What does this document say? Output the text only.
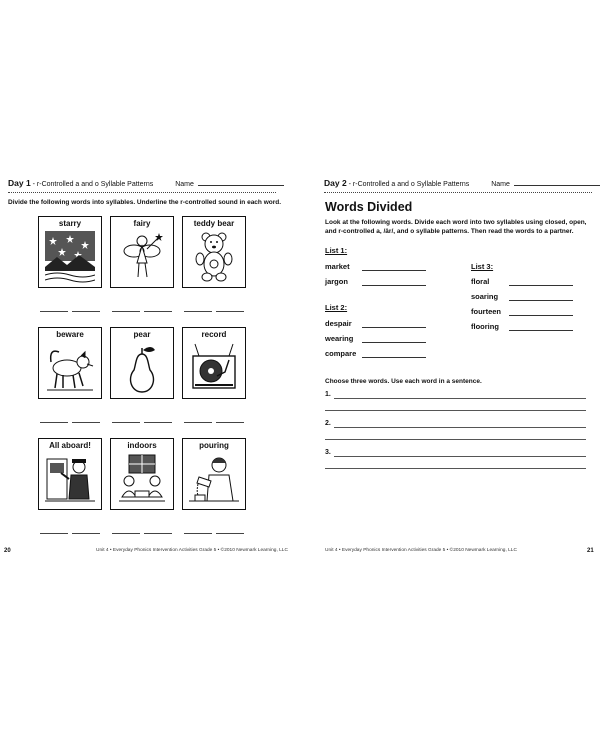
Day 1 - r-Controlled a and o Syllable Patterns	Name
Divide the following words into syllables. Underline the r-controlled sound in each word.
starry	fairy	teddy bear
beware	pear	record
All aboard!	indoors	pouring
20	Unit 4 • Everyday Phonics Intervention Activities Grade 5 • ©2010 Newmark Learning, LLC
Day 2 - r-Controlled a and o Syllable Patterns	Name
Words Divided
Look at the following words. Divide each word into two syllables using closed, open, and r-controlled a, /âr/, and o syllable patterns. Then read the words to a partner.
List 1:
market
jargon
List 2:
despair
wearing
compare
List 3:
floral
soaring
fourteen
flooring
Choose three words. Use each word in a sentence.
1.
2.
3.
Unit 4 • Everyday Phonics Intervention Activities Grade 5 • ©2010 Newmark Learning, LLC	21
